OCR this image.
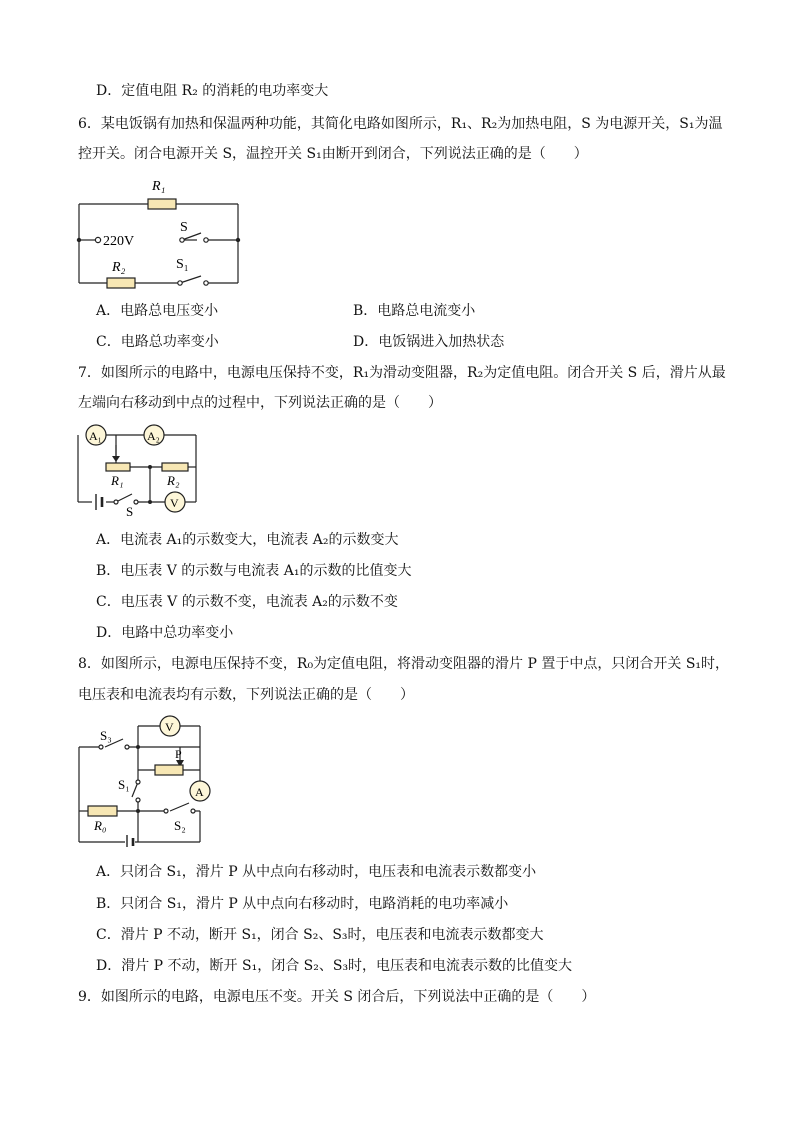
D．定值电阻 R₂ 的消耗的电功率变大
6．某电饭锅有加热和保温两种功能，其简化电路如图所示，R₁、R₂为加热电阻，S 为电源开关，S₁为温
控开关。闭合电源开关 S，温控开关 S₁由断开到闭合，下列说法正确的是（　　）
R₁
220V
S
R₂	S₁
A．电路总电压变小	B．电路总电流变小
C．电路总功率变小	D．电饭锅进入加热状态
7．如图所示的电路中，电源电压保持不变，R₁为滑动变阻器，R₂为定值电阻。闭合开关 S 后，滑片从最
左端向右移动到中点的过程中，下列说法正确的是（　　）
A₁	A₂
V
R₁	R₂
S
A．电流表 A₁的示数变大，电流表 A₂的示数变大
B．电压表 V 的示数与电流表 A₁的示数的比值变大
C．电压表 V 的示数不变，电流表 A₂的示数不变
D．电路中总功率变小
8．如图所示，电源电压保持不变，R₀为定值电阻，将滑动变阻器的滑片 P 置于中点，只闭合开关 S₁时，
电压表和电流表均有示数，下列说法正确的是（　　）
S₃
V
P
S₁	A
R₀	S₂
A．只闭合 S₁，滑片 P 从中点向右移动时，电压表和电流表示数都变小
B．只闭合 S₁，滑片 P 从中点向右移动时，电路消耗的电功率减小
C．滑片 P 不动，断开 S₁，闭合 S₂、S₃时，电压表和电流表示数都变大
D．滑片 P 不动，断开 S₁，闭合 S₂、S₃时，电压表和电流表示数的比值变大
9．如图所示的电路，电源电压不变。开关 S 闭合后，下列说法中正确的是（　　）
